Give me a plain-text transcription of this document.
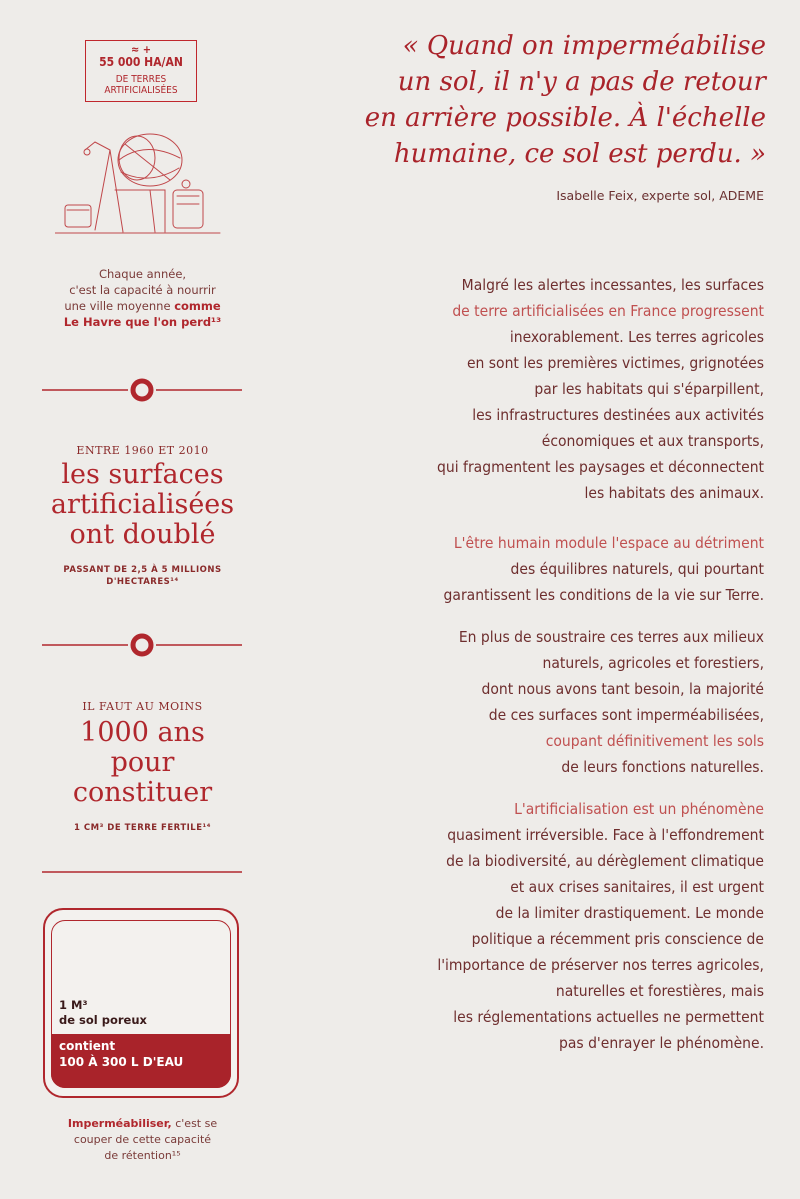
≈ +
55 000 HA/AN
DE TERRES
ARTIFICIALISÉES
Chaque année,
c'est la capacité à nourrir
une ville moyenne comme
Le Havre que l'on perd¹³
ENTRE 1960 ET 2010
les surfaces
artificialisées
ont doublé
PASSANT DE 2,5 À 5 MILLIONS
D'HECTARES¹⁴
IL FAUT AU MOINS
1000 ans
pour
constituer
1 CM³ DE TERRE FERTILE¹⁴
1 M³
de sol poreux
contient
100 À 300 L D'EAU
Imperméabiliser, c'est se
couper de cette capacité
de rétention¹⁵
« Quand on imperméabilise
un sol, il n'y a pas de retour
en arrière possible. À l'échelle
humaine, ce sol est perdu. »
Isabelle Feix, experte sol, ADEME
Malgré les alertes incessantes, les surfaces
de terre artificialisées en France progressent
inexorablement. Les terres agricoles
en sont les premières victimes, grignotées
par les habitats qui s'éparpillent,
les infrastructures destinées aux activités
économiques et aux transports,
qui fragmentent les paysages et déconnectent
les habitats des animaux.
L'être humain module l'espace au détriment
des équilibres naturels, qui pourtant
garantissent les conditions de la vie sur Terre.
En plus de soustraire ces terres aux milieux
naturels, agricoles et forestiers,
dont nous avons tant besoin, la majorité
de ces surfaces sont imperméabilisées,
coupant définitivement les sols
de leurs fonctions naturelles.
L'artificialisation est un phénomène
quasiment irréversible. Face à l'effondrement
de la biodiversité, au dérèglement climatique
et aux crises sanitaires, il est urgent
de la limiter drastiquement. Le monde
politique a récemment pris conscience de
l'importance de préserver nos terres agricoles,
naturelles et forestières, mais
les réglementations actuelles ne permettent
pas d'enrayer le phénomène.
